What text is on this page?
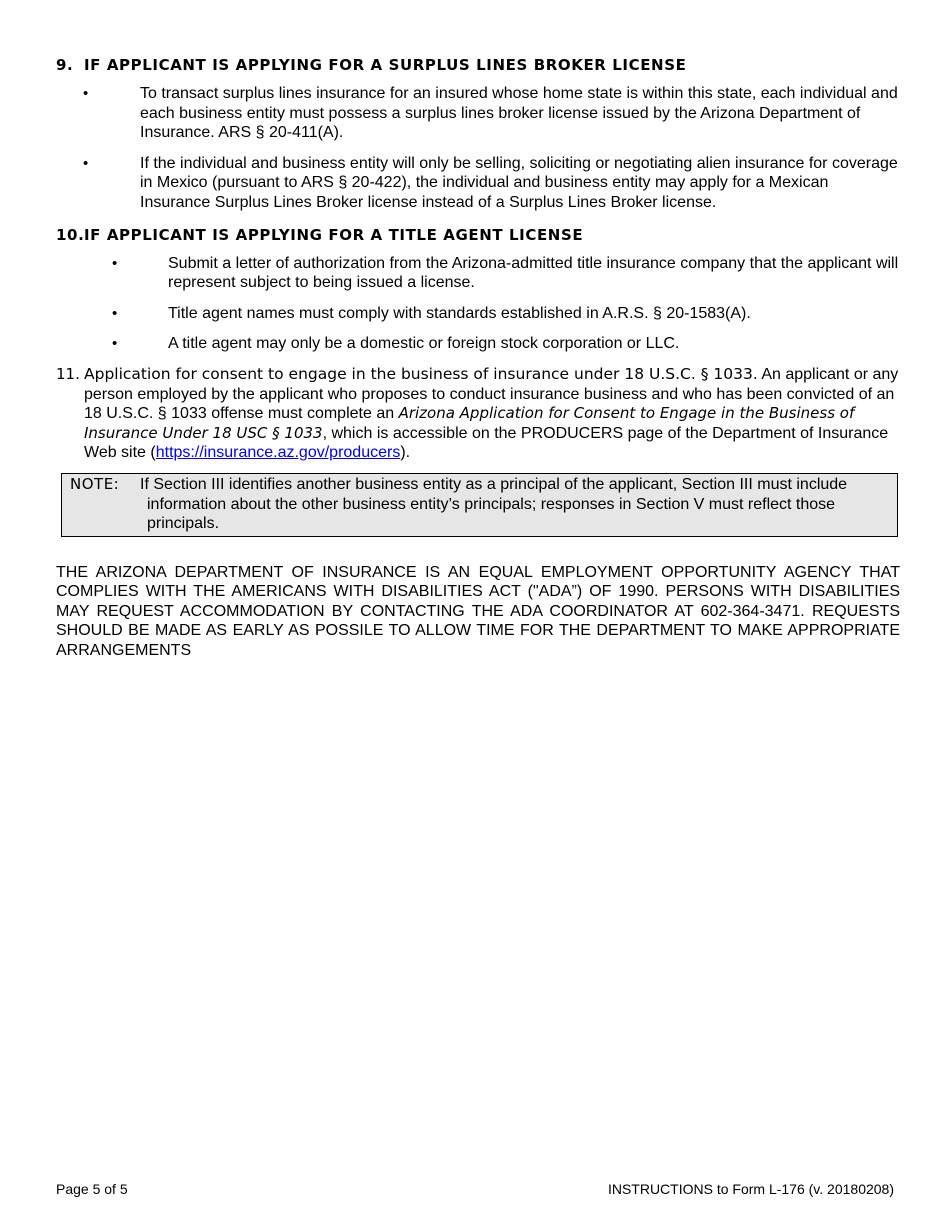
9. IF APPLICANT IS APPLYING FOR A SURPLUS LINES BROKER LICENSE
•	To transact surplus lines insurance for an insured whose home state is within this state, each individual and each business entity must possess a surplus lines broker license issued by the Arizona Department of Insurance. ARS § 20-411(A).
•	If the individual and business entity will only be selling, soliciting or negotiating alien insurance for coverage in Mexico (pursuant to ARS § 20-422), the individual and business entity may apply for a Mexican Insurance Surplus Lines Broker license instead of a Surplus Lines Broker license.
10. IF APPLICANT IS APPLYING FOR A TITLE AGENT LICENSE
•	Submit a letter of authorization from the Arizona-admitted title insurance company that the applicant will represent subject to being issued a license.
•	Title agent names must comply with standards established in A.R.S. § 20-1583(A).
•	A title agent may only be a domestic or foreign stock corporation or LLC.
11. Application for consent to engage in the business of insurance under 18 U.S.C. § 1033. An applicant or any person employed by the applicant who proposes to conduct insurance business and who has been convicted of an 18 U.S.C. § 1033 offense must complete an Arizona Application for Consent to Engage in the Business of Insurance Under 18 USC § 1033, which is accessible on the PRODUCERS page of the Department of Insurance Web site (https://insurance.az.gov/producers).
NOTE:	If Section III identifies another business entity as a principal of the applicant, Section III must include information about the other business entity’s principals; responses in Section V must reflect those principals.

THE ARIZONA DEPARTMENT OF INSURANCE IS AN EQUAL EMPLOYMENT OPPORTUNITY AGENCY THAT COMPLIES WITH THE AMERICANS WITH DISABILITIES ACT ("ADA”) OF 1990. PERSONS WITH DISABILITIES MAY REQUEST ACCOMMODATION BY CONTACTING THE ADA COORDINATOR AT 602-364-3471. REQUESTS SHOULD BE MADE AS EARLY AS POSSILE TO ALLOW TIME FOR THE DEPARTMENT TO MAKE APPROPRIATE ARRANGEMENTS

Page 5 of 5	INSTRUCTIONS to Form L-176 (v. 20180208)
